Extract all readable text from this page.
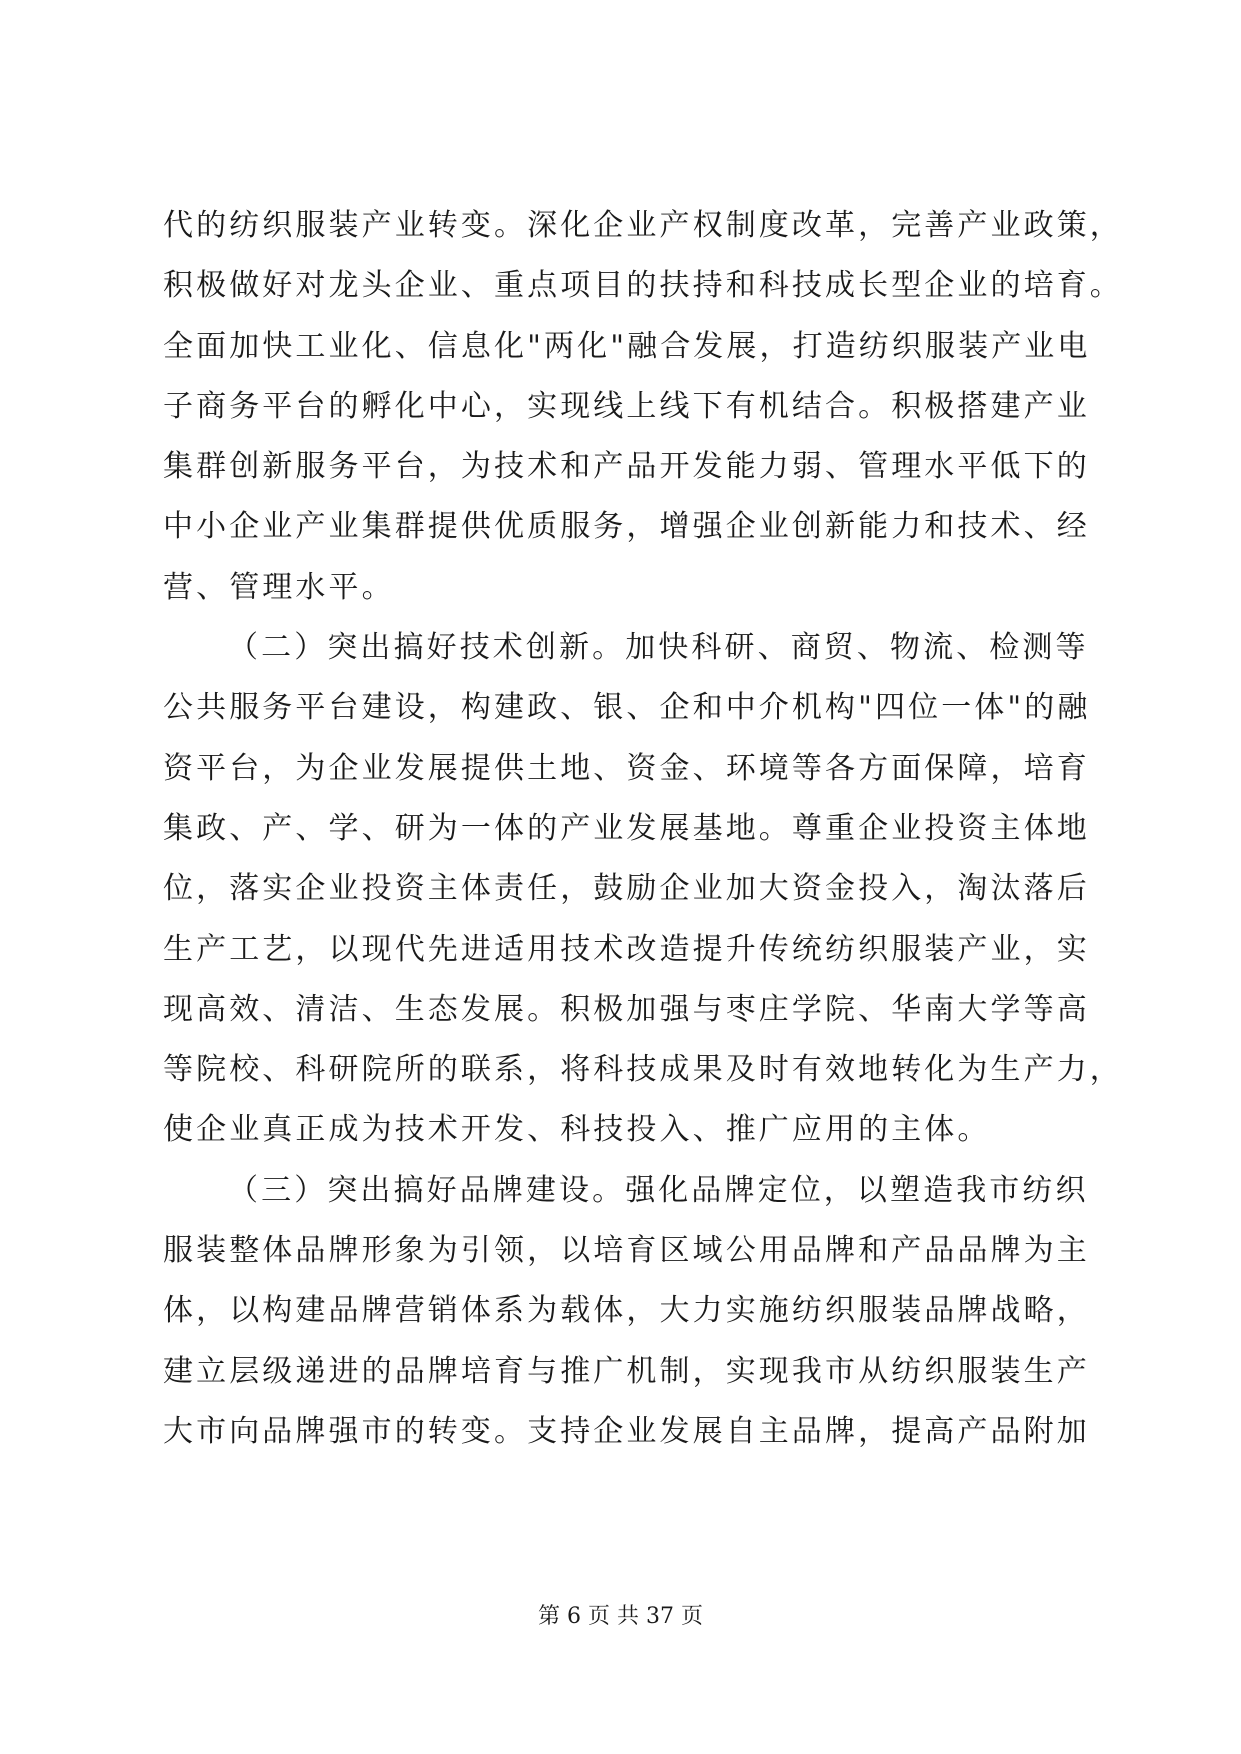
代的纺织服装产业转变。深化企业产权制度改革，完善产业政策，
积极做好对龙头企业、重点项目的扶持和科技成长型企业的培育。
全面加快工业化、信息化"两化"融合发展，打造纺织服装产业电
子商务平台的孵化中心，实现线上线下有机结合。积极搭建产业
集群创新服务平台，为技术和产品开发能力弱、管理水平低下的
中小企业产业集群提供优质服务，增强企业创新能力和技术、经
营、管理水平。
（二）突出搞好技术创新。加快科研、商贸、物流、检测等
公共服务平台建设，构建政、银、企和中介机构"四位一体"的融
资平台，为企业发展提供土地、资金、环境等各方面保障，培育
集政、产、学、研为一体的产业发展基地。尊重企业投资主体地
位，落实企业投资主体责任，鼓励企业加大资金投入，淘汰落后
生产工艺，以现代先进适用技术改造提升传统纺织服装产业，实
现高效、清洁、生态发展。积极加强与枣庄学院、华南大学等高
等院校、科研院所的联系，将科技成果及时有效地转化为生产力，
使企业真正成为技术开发、科技投入、推广应用的主体。
（三）突出搞好品牌建设。强化品牌定位，以塑造我市纺织
服装整体品牌形象为引领，以培育区域公用品牌和产品品牌为主
体，以构建品牌营销体系为载体，大力实施纺织服装品牌战略，
建立层级递进的品牌培育与推广机制，实现我市从纺织服装生产
大市向品牌强市的转变。支持企业发展自主品牌，提高产品附加
第 6 页 共 37 页
